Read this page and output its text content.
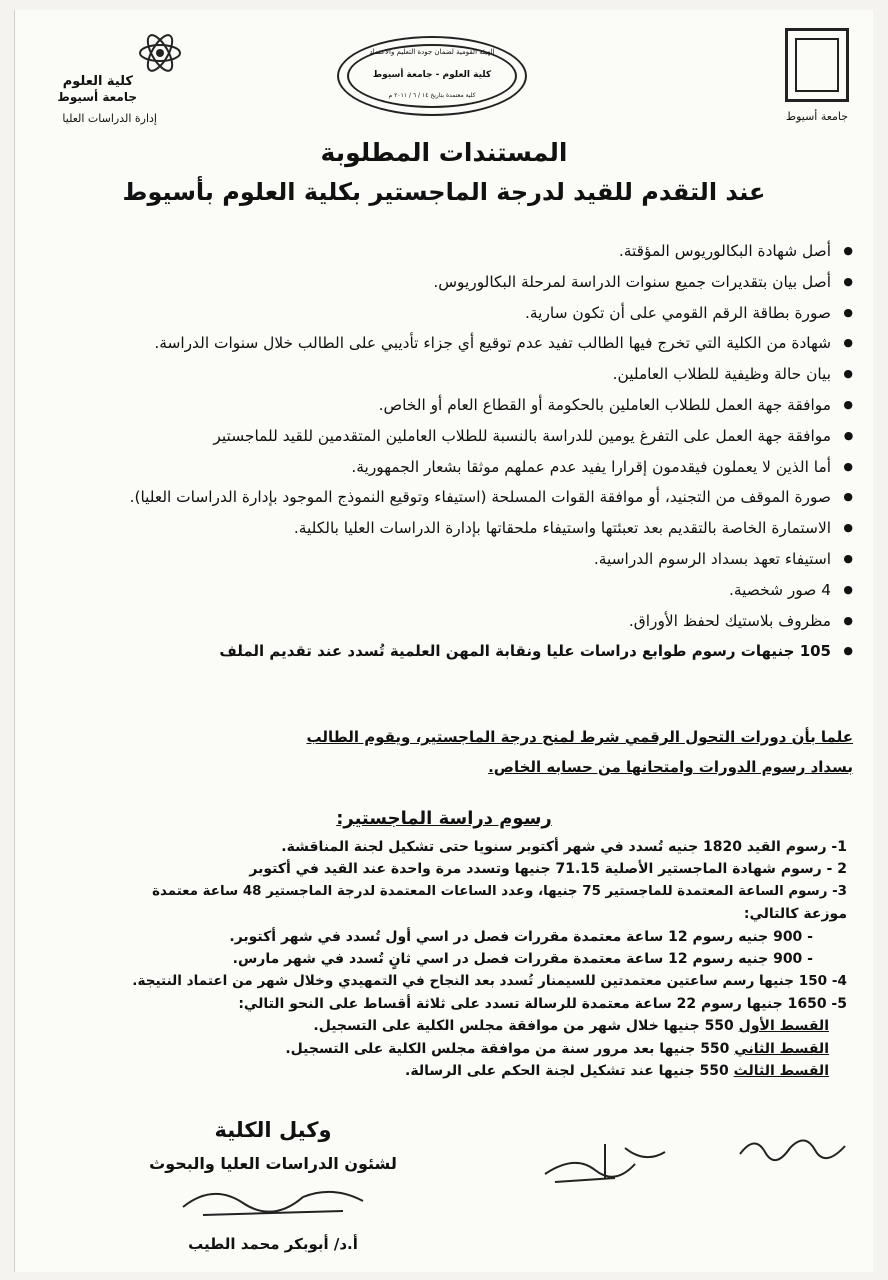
جامعة أسيوط
الهيئة القومية لضمان جودة التعليم والاعتماد
كلية العلوم - جامعة أسيوط
كلية معتمدة بتاريخ ١٤ / ٦ / ٢٠١١ م
كلية العلوم
جامعة أسيوط
إدارة الدراسات العليا
المستندات المطلوبة
عند التقدم للقيد لدرجة الماجستير بكلية العلوم بأسيوط
● أصل شهادة البكالوريوس المؤقتة.
● أصل بيان بتقديرات جميع سنوات الدراسة لمرحلة البكالوريوس.
● صورة بطاقة الرقم القومي على أن تكون سارية.
● شهادة من الكلية التي تخرج فيها الطالب تفيد عدم توقيع أي جزاء تأديبي على الطالب خلال سنوات الدراسة.
● بيان حالة وظيفية للطلاب العاملين.
● موافقة جهة العمل للطلاب العاملين بالحكومة أو القطاع العام أو الخاص.
● موافقة جهة العمل على التفرغ يومين للدراسة بالنسبة للطلاب العاملين المتقدمين للقيد للماجستير
● أما الذين لا يعملون فيقدمون إقرارا يفيد عدم عملهم موثقا بشعار الجمهورية.
● صورة الموقف من التجنيد، أو موافقة القوات المسلحة (استيفاء وتوقيع النموذج الموجود بإدارة الدراسات العليا).
● الاستمارة الخاصة بالتقديم بعد تعبئتها واستيفاء ملحقاتها بإدارة الدراسات العليا بالكلية.
● استيفاء تعهد بسداد الرسوم الدراسية.
● 4 صور شخصية.
● مظروف بلاستيك لحفظ الأوراق.
● 105 جنيهات رسوم طوابع دراسات عليا ونقابة المهن العلمية تُسدد عند تقديم الملف
علما بأن دورات التحول الرقمي شرط لمنح درجة الماجستير، ويقوم الطالب
بسداد رسوم الدورات وامتحانها من حسابه الخاص.
رسوم دراسة الماجستير:
1- رسوم القيد 1820 جنيه تُسدد في شهر أكتوبر سنويا حتى تشكيل لجنة المناقشة.
2 - رسوم شهادة الماجستير الأصلية 71.15 جنيها وتسدد مرة واحدة عند القيد في أكتوبر
3- رسوم الساعة المعتمدة للماجستير 75 جنيها، وعدد الساعات المعتمدة لدرجة الماجستير 48 ساعة معتمدة
موزعة كالتالي:
- 900 جنيه رسوم 12 ساعة معتمدة مقررات فصل در اسي أول تُسدد في شهر أكتوبر.
- 900 جنيه رسوم 12 ساعة معتمدة مقررات فصل در اسي ثانٍ تُسدد في شهر مارس.
4- 150 جنيها رسم ساعتين معتمدتين للسيمنار تُسدد بعد النجاح في التمهيدي وخلال شهر من اعتماد النتيجة.
5- 1650 جنيها رسوم 22 ساعة معتمدة للرسالة تسدد على ثلاثة أقساط على النحو التالي:
القسط الأول 550 جنيها خلال شهر من موافقة مجلس الكلية على التسجيل.
القسط الثاني 550 جنيها بعد مرور سنة من موافقة مجلس الكلية على التسجيل.
القسط الثالث 550 جنيها عند تشكيل لجنة الحكم على الرسالة.
وكيل الكلية
لشئون الدراسات العليا والبحوث
أ.د/ أبوبكر محمد الطيب
